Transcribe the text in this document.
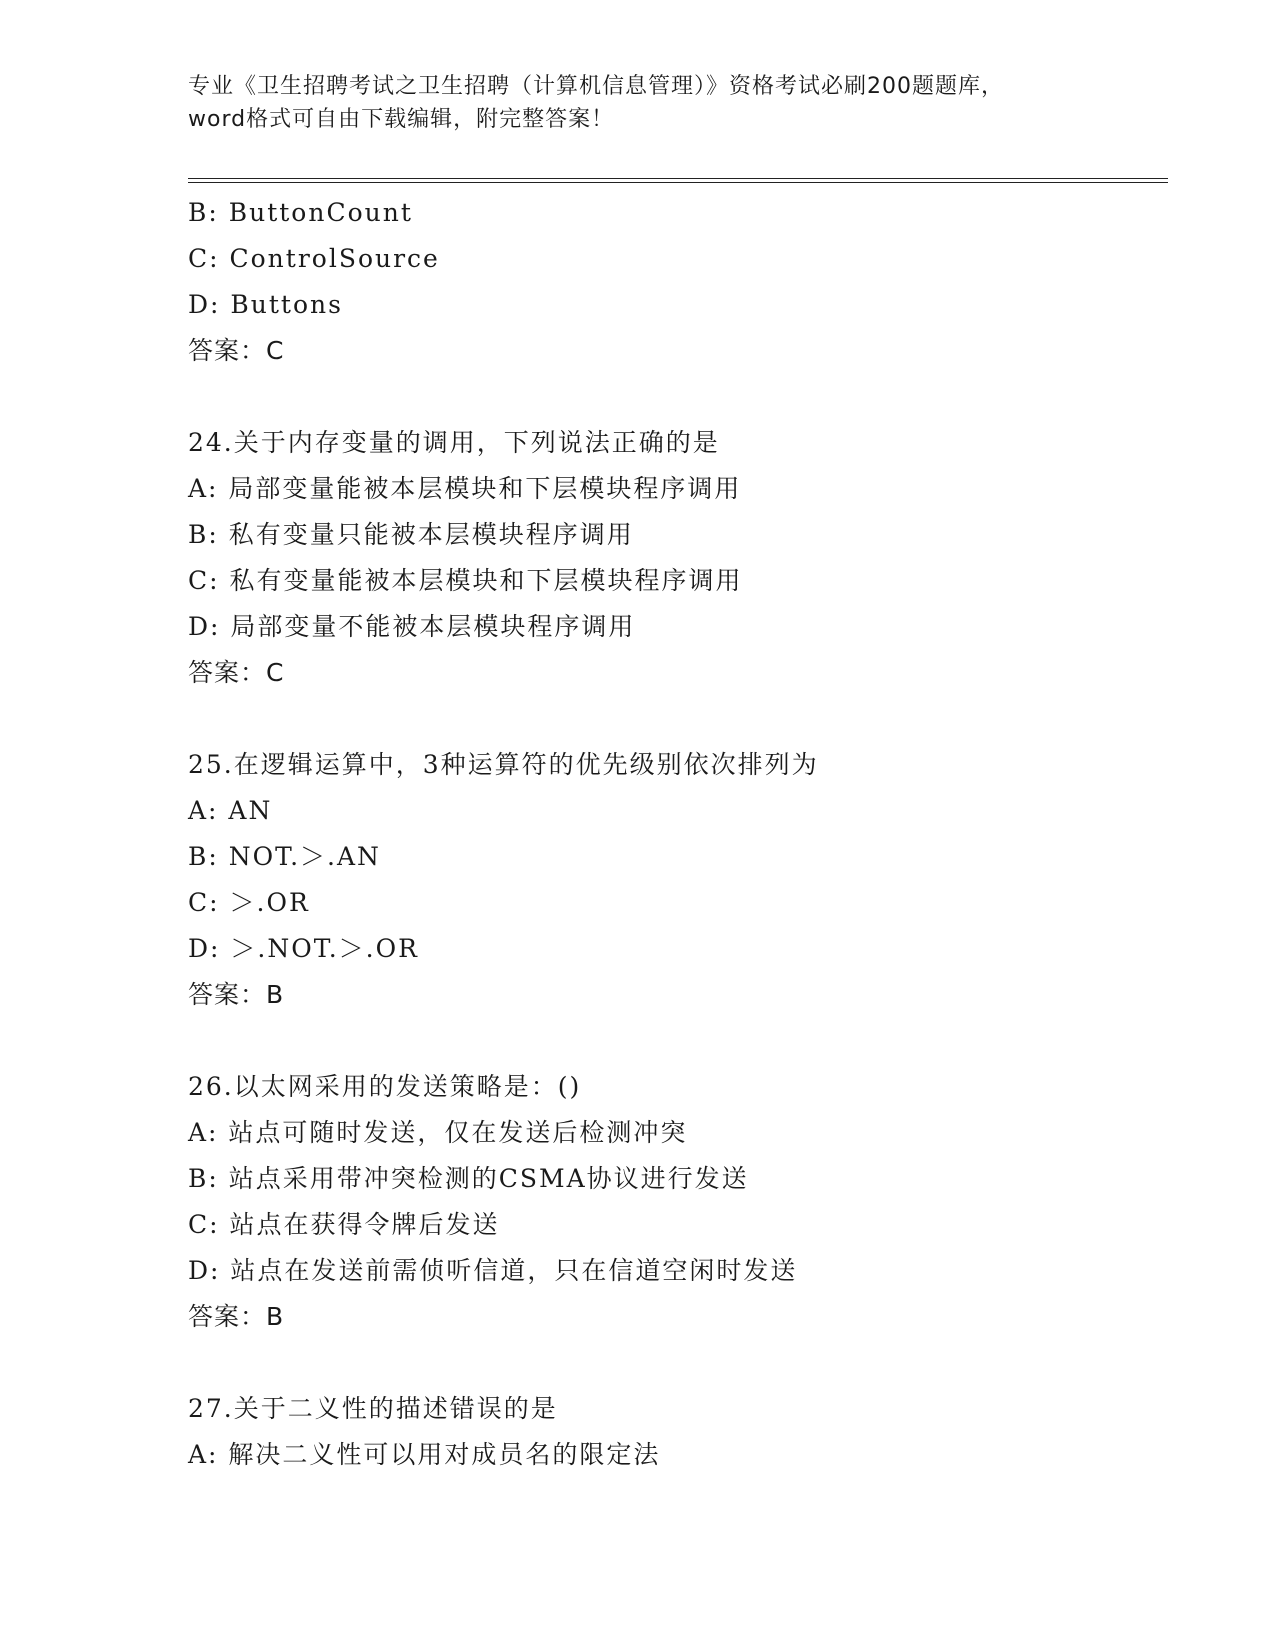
专业《卫生招聘考试之卫生招聘（计算机信息管理）》资格考试必刷200题题库，
word格式可自由下载编辑，附完整答案！
B: ButtonCount
C: ControlSource
D: Buttons
答案：C
24.关于内存变量的调用，下列说法正确的是
A: 局部变量能被本层模块和下层模块程序调用
B: 私有变量只能被本层模块程序调用
C: 私有变量能被本层模块和下层模块程序调用
D: 局部变量不能被本层模块程序调用
答案：C
25.在逻辑运算中，3种运算符的优先级别依次排列为
A: AN
B: NOT.＞.AN
C: ＞.OR
D: ＞.NOT.＞.OR
答案：B
26.以太网采用的发送策略是：()
A: 站点可随时发送，仅在发送后检测冲突
B: 站点采用带冲突检测的CSMA协议进行发送
C: 站点在获得令牌后发送
D: 站点在发送前需侦听信道，只在信道空闲时发送
答案：B
27.关于二义性的描述错误的是
A: 解决二义性可以用对成员名的限定法
